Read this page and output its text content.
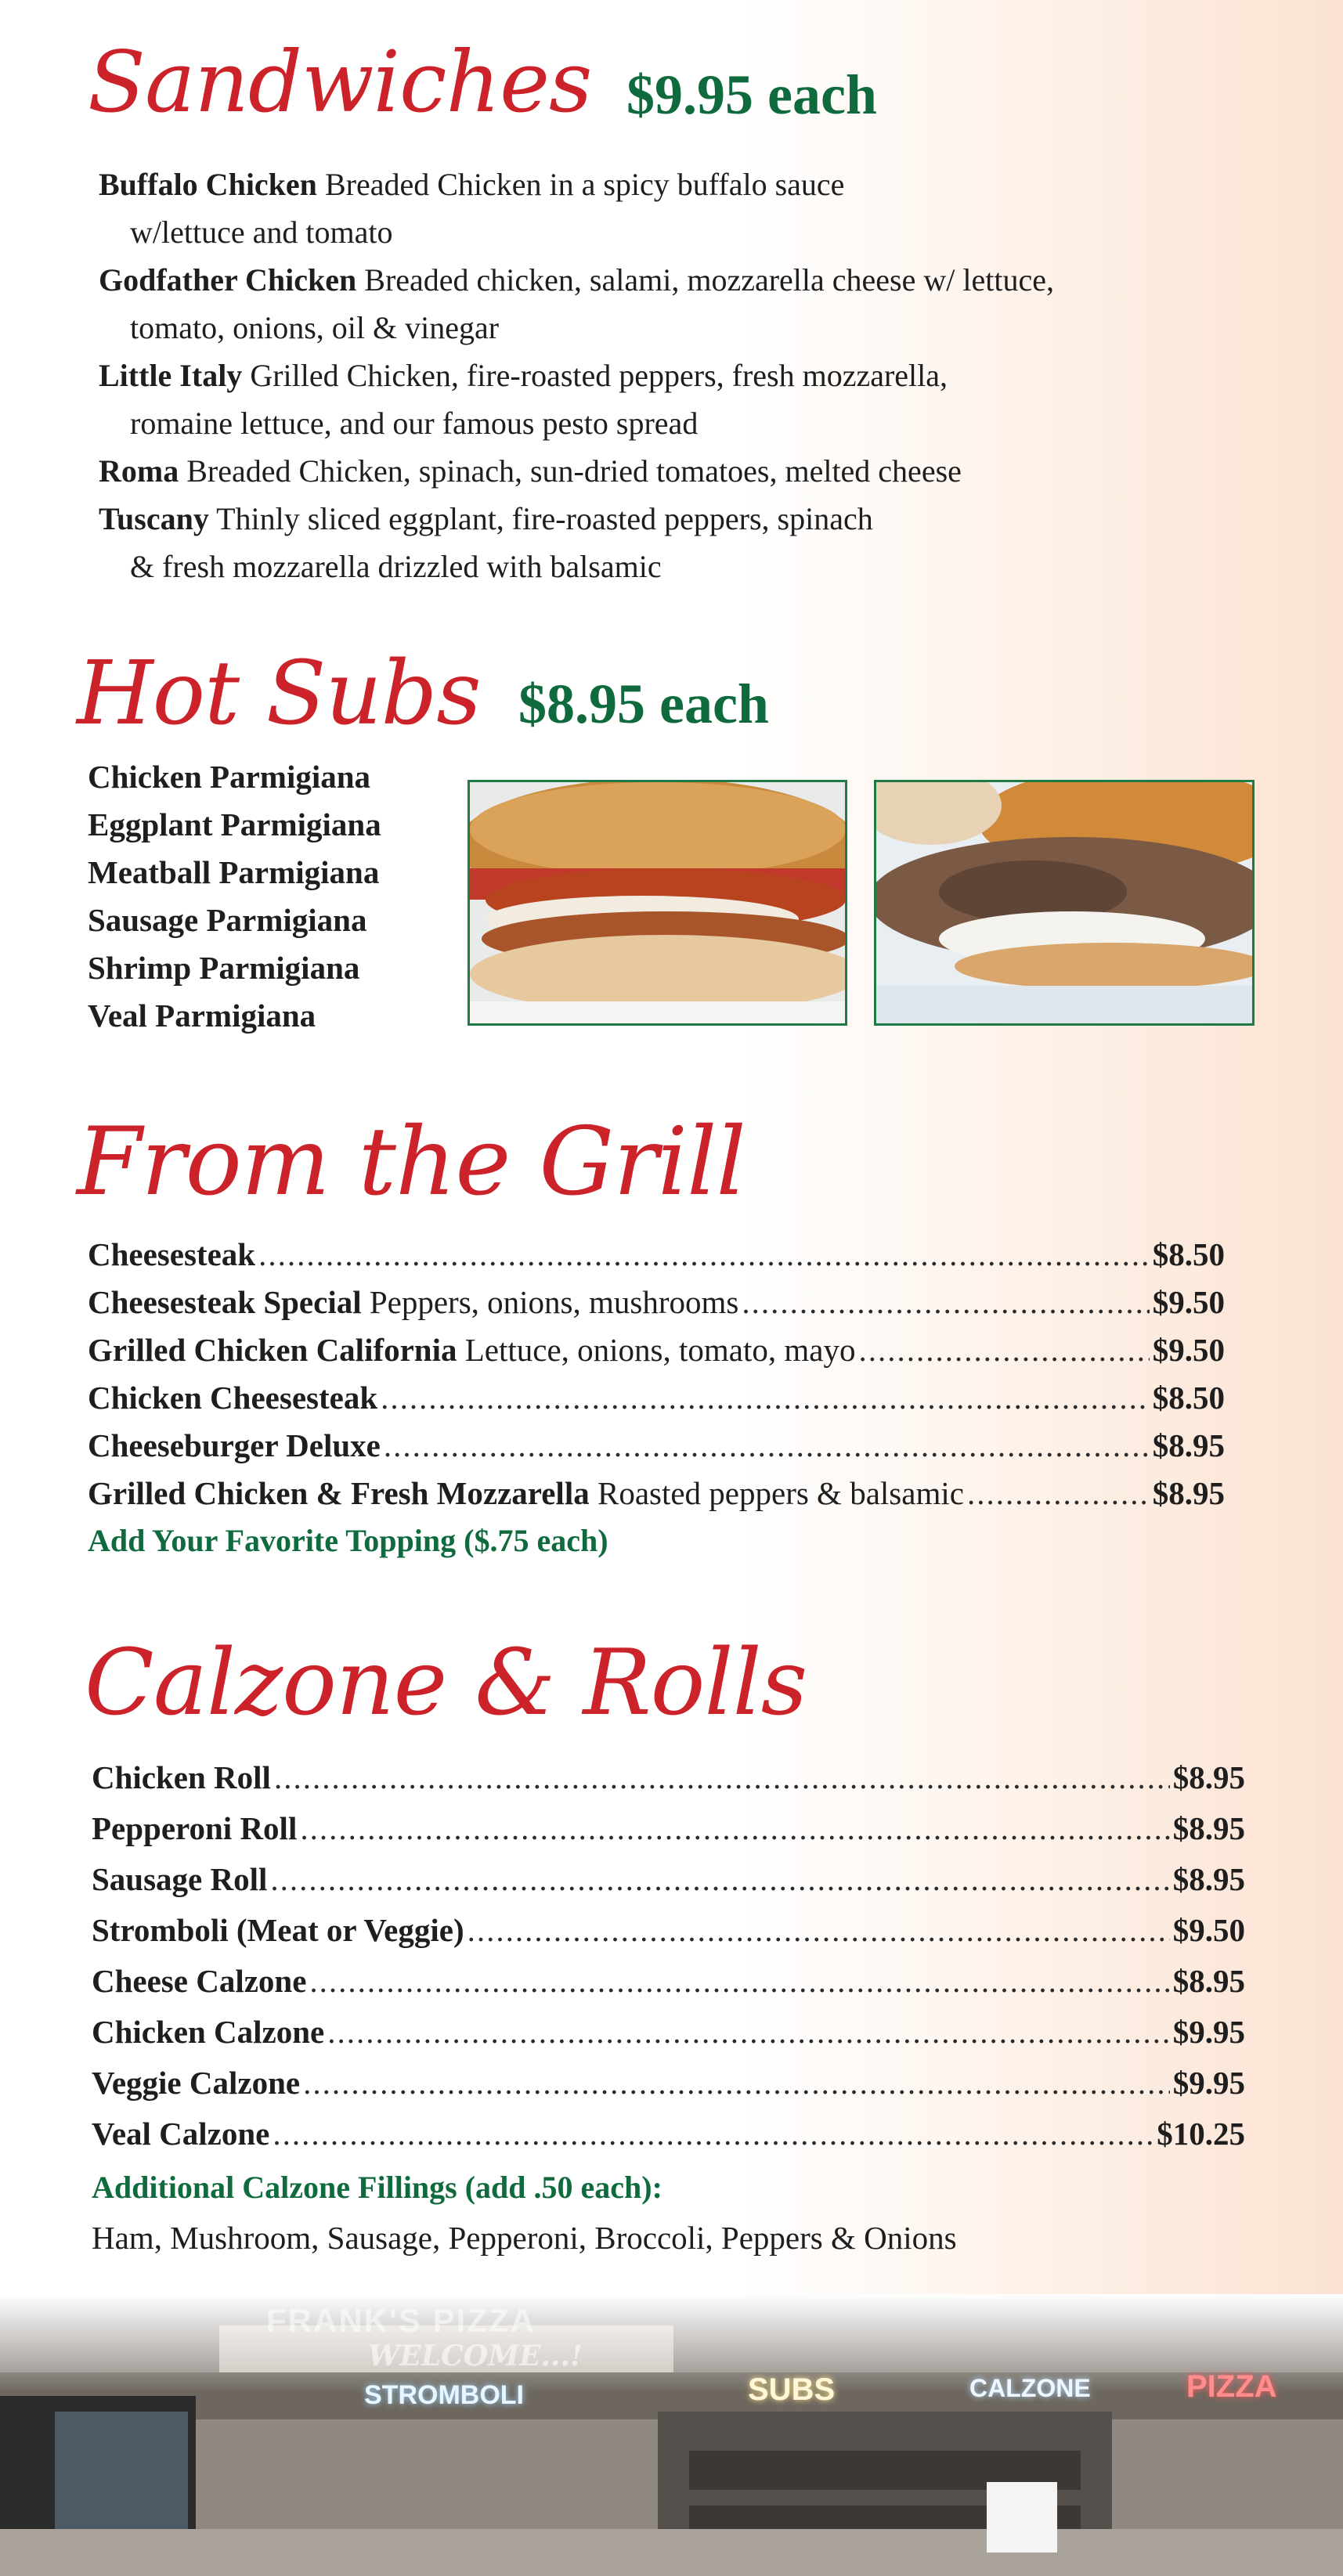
Sandwiches $9.95 each
Buffalo Chicken Breaded Chicken in a spicy buffalo sauce
w/lettuce and tomato
Godfather Chicken Breaded chicken, salami, mozzarella cheese w/ lettuce,
tomato, onions, oil & vinegar
Little Italy Grilled Chicken, fire-roasted peppers, fresh mozzarella,
romaine lettuce, and our famous pesto spread
Roma Breaded Chicken, spinach, sun-dried tomatoes, melted cheese
Tuscany Thinly sliced eggplant, fire-roasted peppers, spinach
& fresh mozzarella drizzled with balsamic
Hot Subs $8.95 each
Chicken Parmigiana
Eggplant Parmigiana
Meatball Parmigiana
Sausage Parmigiana
Shrimp Parmigiana
Veal Parmigiana
From the Grill
Cheesesteak .....	$8.50
Cheesesteak Special Peppers, onions, mushrooms .....	$9.50
Grilled Chicken California Lettuce, onions, tomato, mayo .....	$9.50
Chicken Cheesesteak .....	$8.50
Cheeseburger Deluxe .....	$8.95
Grilled Chicken & Fresh Mozzarella Roasted peppers & balsamic .....	$8.95
Add Your Favorite Topping ($.75 each)
Calzone & Rolls
Chicken Roll .....	$8.95
Pepperoni Roll .....	$8.95
Sausage Roll .....	$8.95
Stromboli (Meat or Veggie) .....	$9.50
Cheese Calzone .....	$8.95
Chicken Calzone .....	$9.95
Veggie Calzone .....	$9.95
Veal Calzone .....	$10.25
Additional Calzone Fillings (add .50 each):
Ham, Mushroom, Sausage, Pepperoni, Broccoli, Peppers & Onions
FRANK'S PIZZA
WELCOME...!
STROMBOLI	SUBS	CALZONE	PIZZA
